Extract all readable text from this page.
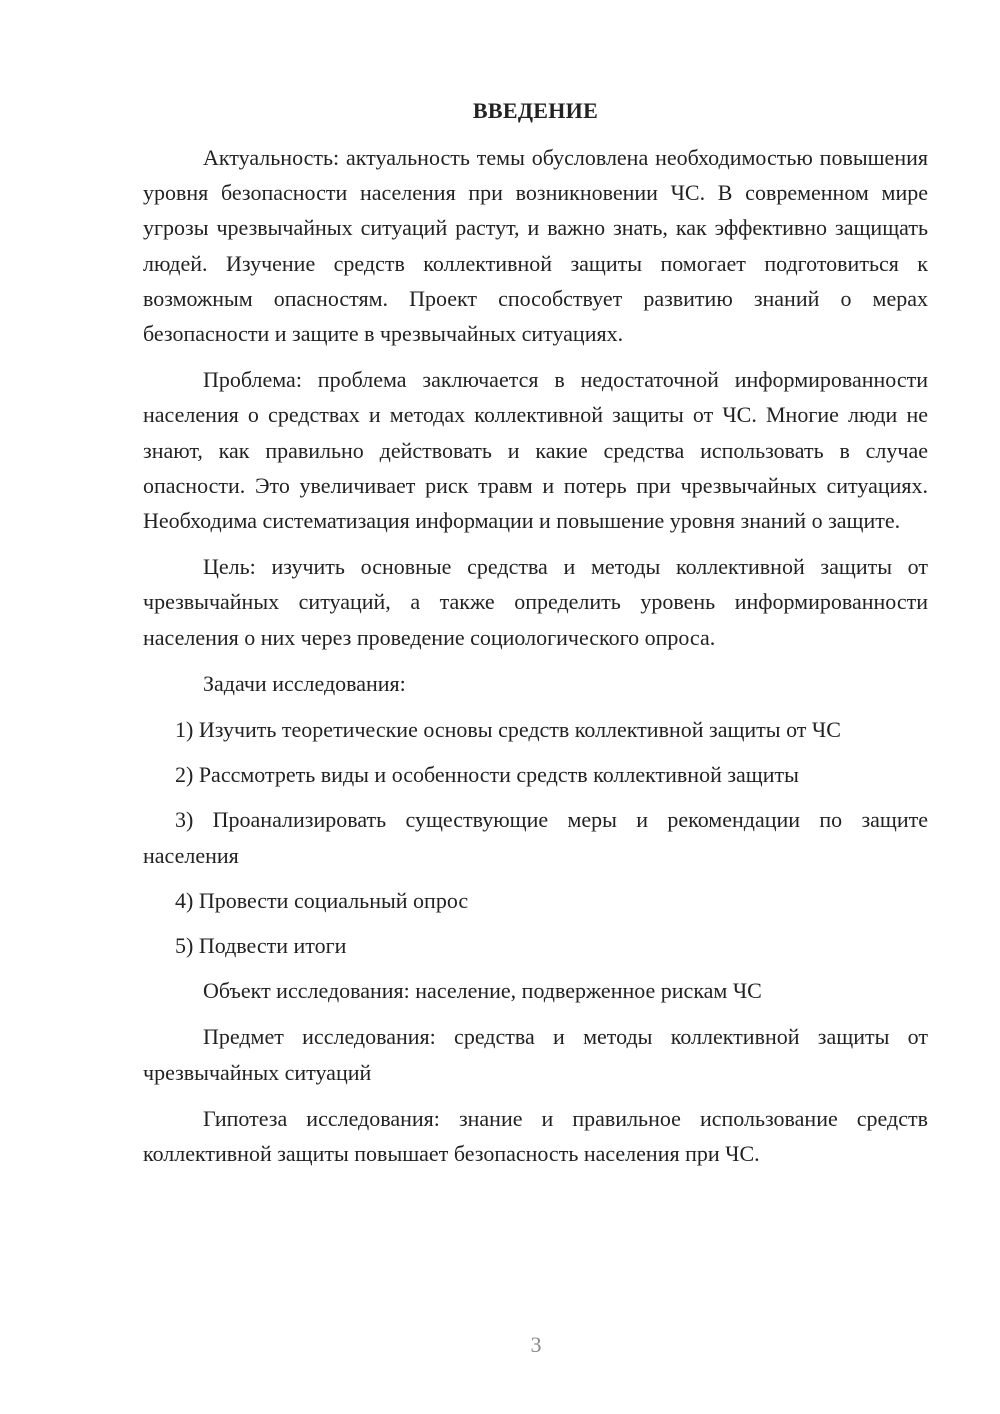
ВВЕДЕНИЕ

Актуальность: актуальность темы обусловлена необходимостью повышения уровня безопасности населения при возникновении ЧС. В современном мире угрозы чрезвычайных ситуаций растут, и важно знать, как эффективно защищать людей. Изучение средств коллективной защиты помогает подготовиться к возможным опасностям. Проект способствует развитию знаний о мерах безопасности и защите в чрезвычайных ситуациях.

Проблема: проблема заключается в недостаточной информированности населения о средствах и методах коллективной защиты от ЧС. Многие люди не знают, как правильно действовать и какие средства использовать в случае опасности. Это увеличивает риск травм и потерь при чрезвычайных ситуациях. Необходима систематизация информации и повышение уровня знаний о защите.

Цель: изучить основные средства и методы коллективной защиты от чрезвычайных ситуаций, а также определить уровень информированности населения о них через проведение социологического опроса.

Задачи исследования:

1) Изучить теоретические основы средств коллективной защиты от ЧС

2) Рассмотреть виды и особенности средств коллективной защиты

3) Проанализировать существующие меры и рекомендации по защите населения

4) Провести социальный опрос

5) Подвести итоги

Объект исследования: население, подверженное рискам ЧС

Предмет исследования: средства и методы коллективной защиты от чрезвычайных ситуаций

Гипотеза исследования: знание и правильное использование средств коллективной защиты повышает безопасность населения при ЧС.

3
